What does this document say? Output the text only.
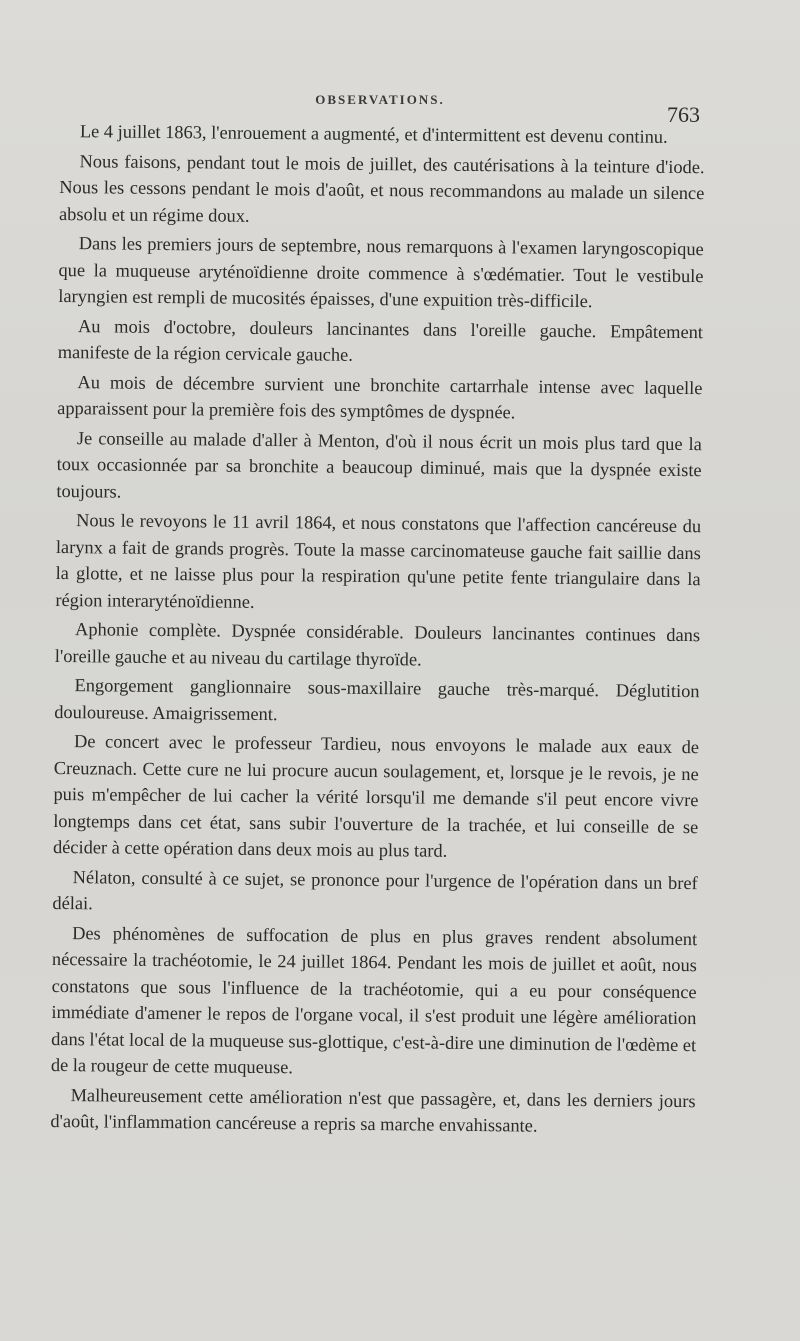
OBSERVATIONS.
763

Le 4 juillet 1863, l'enrouement a augmenté, et d'intermittent est devenu continu.

Nous faisons, pendant tout le mois de juillet, des cautérisations à la teinture d'iode. Nous les cessons pendant le mois d'août, et nous recommandons au malade un silence absolu et un régime doux.

Dans les premiers jours de septembre, nous remarquons à l'examen laryngoscopique que la muqueuse aryténoïdienne droite commence à s'œdématier. Tout le vestibule laryngien est rempli de mucosités épaisses, d'une expuition très-difficile.

Au mois d'octobre, douleurs lancinantes dans l'oreille gauche. Empâtement manifeste de la région cervicale gauche.

Au mois de décembre survient une bronchite cartarrhale intense avec laquelle apparaissent pour la première fois des symptômes de dyspnée.

Je conseille au malade d'aller à Menton, d'où il nous écrit un mois plus tard que la toux occasionnée par sa bronchite a beaucoup diminué, mais que la dyspnée existe toujours.

Nous le revoyons le 11 avril 1864, et nous constatons que l'affection cancéreuse du larynx a fait de grands progrès. Toute la masse carcinomateuse gauche fait saillie dans la glotte, et ne laisse plus pour la respiration qu'une petite fente triangulaire dans la région interaryténoïdienne.

Aphonie complète. Dyspnée considérable. Douleurs lancinantes continues dans l'oreille gauche et au niveau du cartilage thyroïde.

Engorgement ganglionnaire sous-maxillaire gauche très-marqué. Déglutition douloureuse. Amaigrissement.

De concert avec le professeur Tardieu, nous envoyons le malade aux eaux de Creuznach. Cette cure ne lui procure aucun soulagement, et, lorsque je le revois, je ne puis m'empêcher de lui cacher la vérité lorsqu'il me demande s'il peut encore vivre longtemps dans cet état, sans subir l'ouverture de la trachée, et lui conseille de se décider à cette opération dans deux mois au plus tard.

Nélaton, consulté à ce sujet, se prononce pour l'urgence de l'opération dans un bref délai.

Des phénomènes de suffocation de plus en plus graves rendent absolument nécessaire la trachéotomie, le 24 juillet 1864. Pendant les mois de juillet et août, nous constatons que sous l'influence de la trachéotomie, qui a eu pour conséquence immédiate d'amener le repos de l'organe vocal, il s'est produit une légère amélioration dans l'état local de la muqueuse sus-glottique, c'est-à-dire une diminution de l'œdème et de la rougeur de cette muqueuse.

Malheureusement cette amélioration n'est que passagère, et, dans les derniers jours d'août, l'inflammation cancéreuse a repris sa marche envahissante.
